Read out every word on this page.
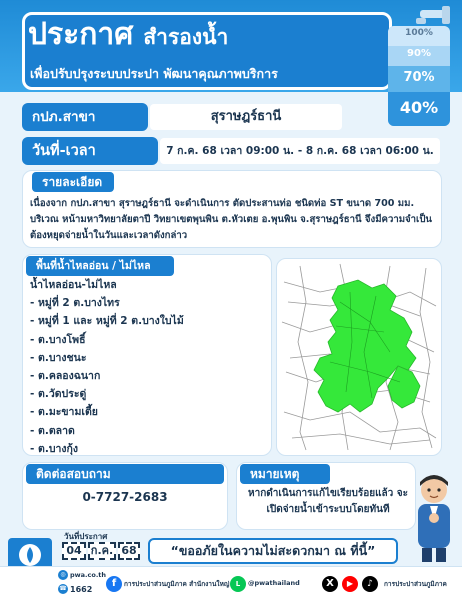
ประกาศ สำรองน้ำ
เพื่อปรับปรุงระบบประปา พัฒนาคุณภาพบริการ
100%
90%
70%
40%
กปภ.สาขา	สุราษฎร์ธานี
วันที่-เวลา	7 ก.ค. 68 เวลา 09:00 น. - 8 ก.ค. 68 เวลา 06:00 น.
รายละเอียด
เนื่องจาก กปภ.สาขา สุราษฎร์ธานี จะดำเนินการ ตัดประสานท่อ ชนิดท่อ ST ขนาด 700 มม. บริเวณ หน้ามหาวิทยาลัยตาปี วิทยาเขตพุนพิน ต.หัวเตย อ.พุนพิน จ.สุราษฎร์ธานี จึงมีความจำเป็นต้องหยุดจ่ายน้ำในวันและเวลาดังกล่าว
พื้นที่น้ำไหลอ่อน / ไม่ไหล
น้ำไหลอ่อน-ไม่ไหล
- หมู่ที่ 2 ต.บางไทร
- หมู่ที่ 1 และ หมู่ที่ 2 ต.บางใบไม้
- ต.บางโพธิ์
- ต.บางชนะ
- ต.คลองฉนาก
- ต.วัดประดู่
- ต.มะขามเตี้ย
- ต.ตลาด
- ต.บางกุ้ง
ติดต่อสอบถาม
0-7727-2683
หมายเหตุ
หากดำเนินการแก้ไขเรียบร้อยแล้ว จะเปิดจ่ายน้ำเข้าระบบโดยทันที
วันที่ประกาศ
04 ก.ค. 68	“ขออภัยในความไม่สะดวกมา ณ ที่นี้”
◎ pwa.co.th
☎ 1662
f	การประปาส่วนภูมิภาค สำนักงานใหญ่ L	@pwathailand	X	▶	♪	การประปาส่วนภูมิภาค
